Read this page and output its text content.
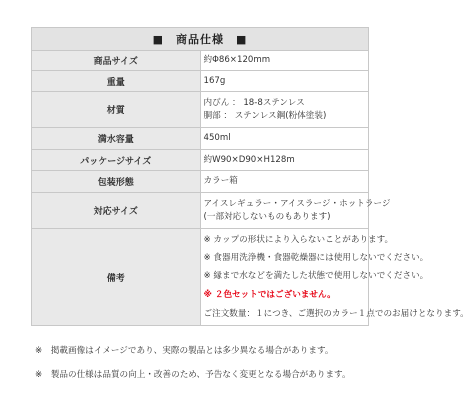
■　商品仕様　■	
商品サイズ	約Φ86×120mm

重量	167g

材質	内びん ： 18-8ステンレス
胴部 ： ステンレス鋼(粉体塗装)

満水容量	450ml

パッケージサイズ	約W90×D90×H128m

包装形態	カラー箱

対応サイズ	アイスレギュラー・アイスラージ・ホットラージ
(一部対応しないものもあります)

備考	※ カップの形状により入らないことがあります。
※ 食器用洗浄機・食器乾燥器には使用しないでください。
※ 縁まで水などを満たした状態で使用しないでください。
※ ２色セットではございません。
ご注文数量：１につき、ご選択のカラー１点でのお届けとなります。
※　掲載画像はイメージであり、実際の製品とは多少異なる場合があります。
※　製品の仕様は品質の向上・改善のため、予告なく変更となる場合があります。
